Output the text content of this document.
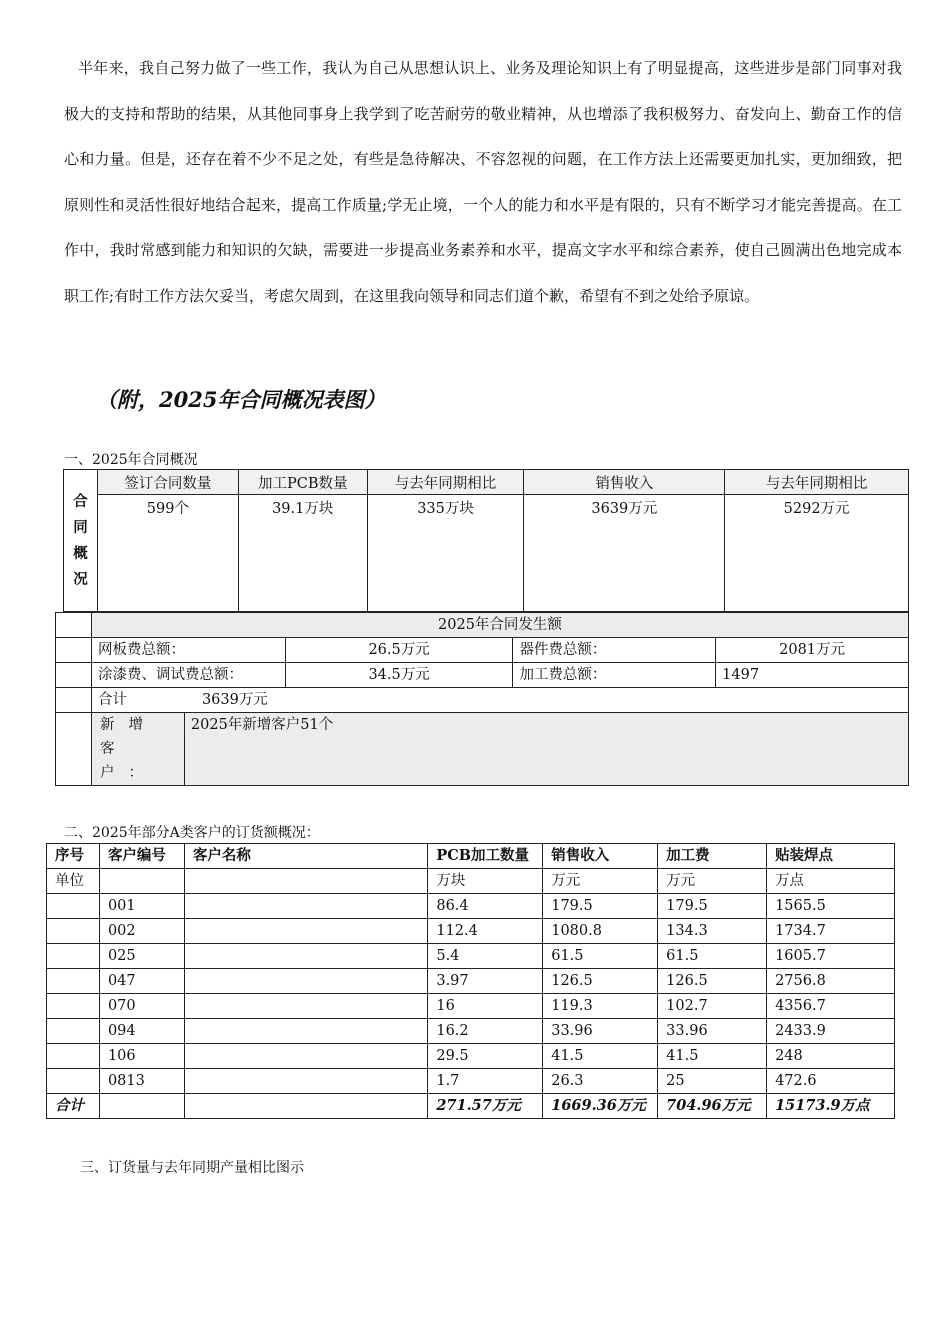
半年来，我自己努力做了一些工作，我认为自己从思想认识上、业务及理论知识上有了明显提高，这些进步是部门同事对我极大的支持和帮助的结果，从其他同事身上我学到了吃苦耐劳的敬业精神，从也增添了我积极努力、奋发向上、勤奋工作的信心和力量。但是，还存在着不少不足之处，有些是急待解决、不容忽视的问题，在工作方法上还需要更加扎实，更加细致，把原则性和灵活性很好地结合起来，提高工作质量;学无止境，一个人的能力和水平是有限的，只有不断学习才能完善提高。在工作中，我时常感到能力和知识的欠缺，需要进一步提高业务素养和水平，提高文字水平和综合素养，使自己圆满出色地完成本职工作;有时工作方法欠妥当，考虑欠周到，在这里我向领导和同志们道个歉，希望有不到之处给予原谅。

（附，2025年合同概况表图）

一、2025年合同概况

合
同
概
况	签订合同数量	加工PCB数量	与去年同期相比	销售收入	与去年同期相比
	599个	39.1万块	335万块	3639万元	5292万元
	2025年合同发生额				
	网板费总额：		26.5万元	器件费总额：	2081万元
	涂漆费、调试费总额：		34.5万元	加工费总额：	1497
	合计 3639万元				
	新增客户：	2025年新增客户51个			

二、2025年部分A类客户的订货额概况：

序号	客户编号	客户名称	PCB加工数量	销售收入	加工费	贴装焊点
单位			万块	万元	万元	万点
	001		86.4	179.5	179.5	1565.5
	002		112.4	1080.8	134.3	1734.7
	025		5.4	61.5	61.5	1605.7
	047		3.97	126.5	126.5	2756.8
	070		16	119.3	102.7	4356.7
	094		16.2	33.96	33.96	2433.9
	106		29.5	41.5	41.5	248
	0813		1.7	26.3	25	472.6
合计			271.57万元	1669.36万元	704.96万元	15173.9万点

三、订货量与去年同期产量相比图示
